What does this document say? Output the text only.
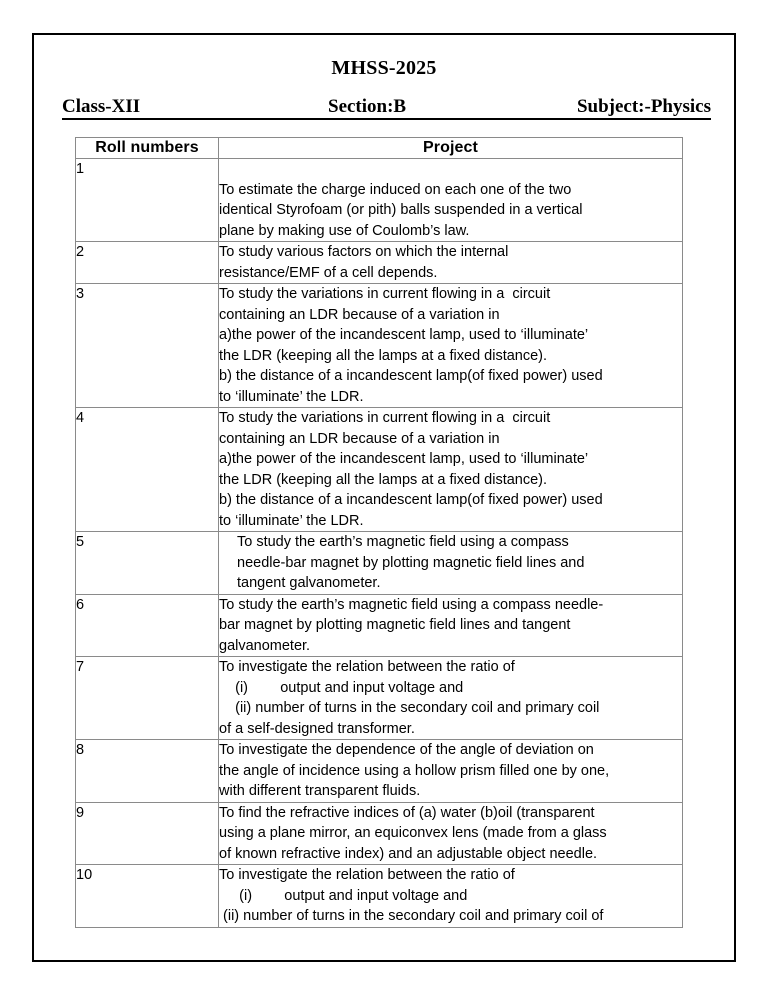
MHSS-2025
Class-XII	Section:B	Subject:-Physics
Roll numbers	Project
1	To estimate the charge induced on each one of the two
identical Styrofoam (or pith) balls suspended in a vertical
plane by making use of Coulomb’s law.

2	To study various factors on which the internal
resistance/EMF of a cell depends.

3	To study the variations in current flowing in a  circuit
containing an LDR because of a variation in
a)the power of the incandescent lamp, used to ‘illuminate’
the LDR (keeping all the lamps at a fixed distance).
b) the distance of a incandescent lamp(of fixed power) used
to ‘illuminate’ the LDR.

4	To study the variations in current flowing in a  circuit
containing an LDR because of a variation in
a)the power of the incandescent lamp, used to ‘illuminate’
the LDR (keeping all the lamps at a fixed distance).
b) the distance of a incandescent lamp(of fixed power) used
to ‘illuminate’ the LDR.

5	To study the earth’s magnetic field using a compass
needle-bar magnet by plotting magnetic field lines and
tangent galvanometer.

6	To study the earth’s magnetic field using a compass needle-
bar magnet by plotting magnetic field lines and tangent
galvanometer.

7	To investigate the relation between the ratio of
(i)        output and input voltage and
(ii) number of turns in the secondary coil and primary coil
of a self-designed transformer.

8	To investigate the dependence of the angle of deviation on
the angle of incidence using a hollow prism filled one by one,
with different transparent fluids.

9	To find the refractive indices of (a) water (b)oil (transparent
using a plane mirror, an equiconvex lens (made from a glass
of known refractive index) and an adjustable object needle.

10	To investigate the relation between the ratio of
(i)        output and input voltage and
(ii) number of turns in the secondary coil and primary coil of
